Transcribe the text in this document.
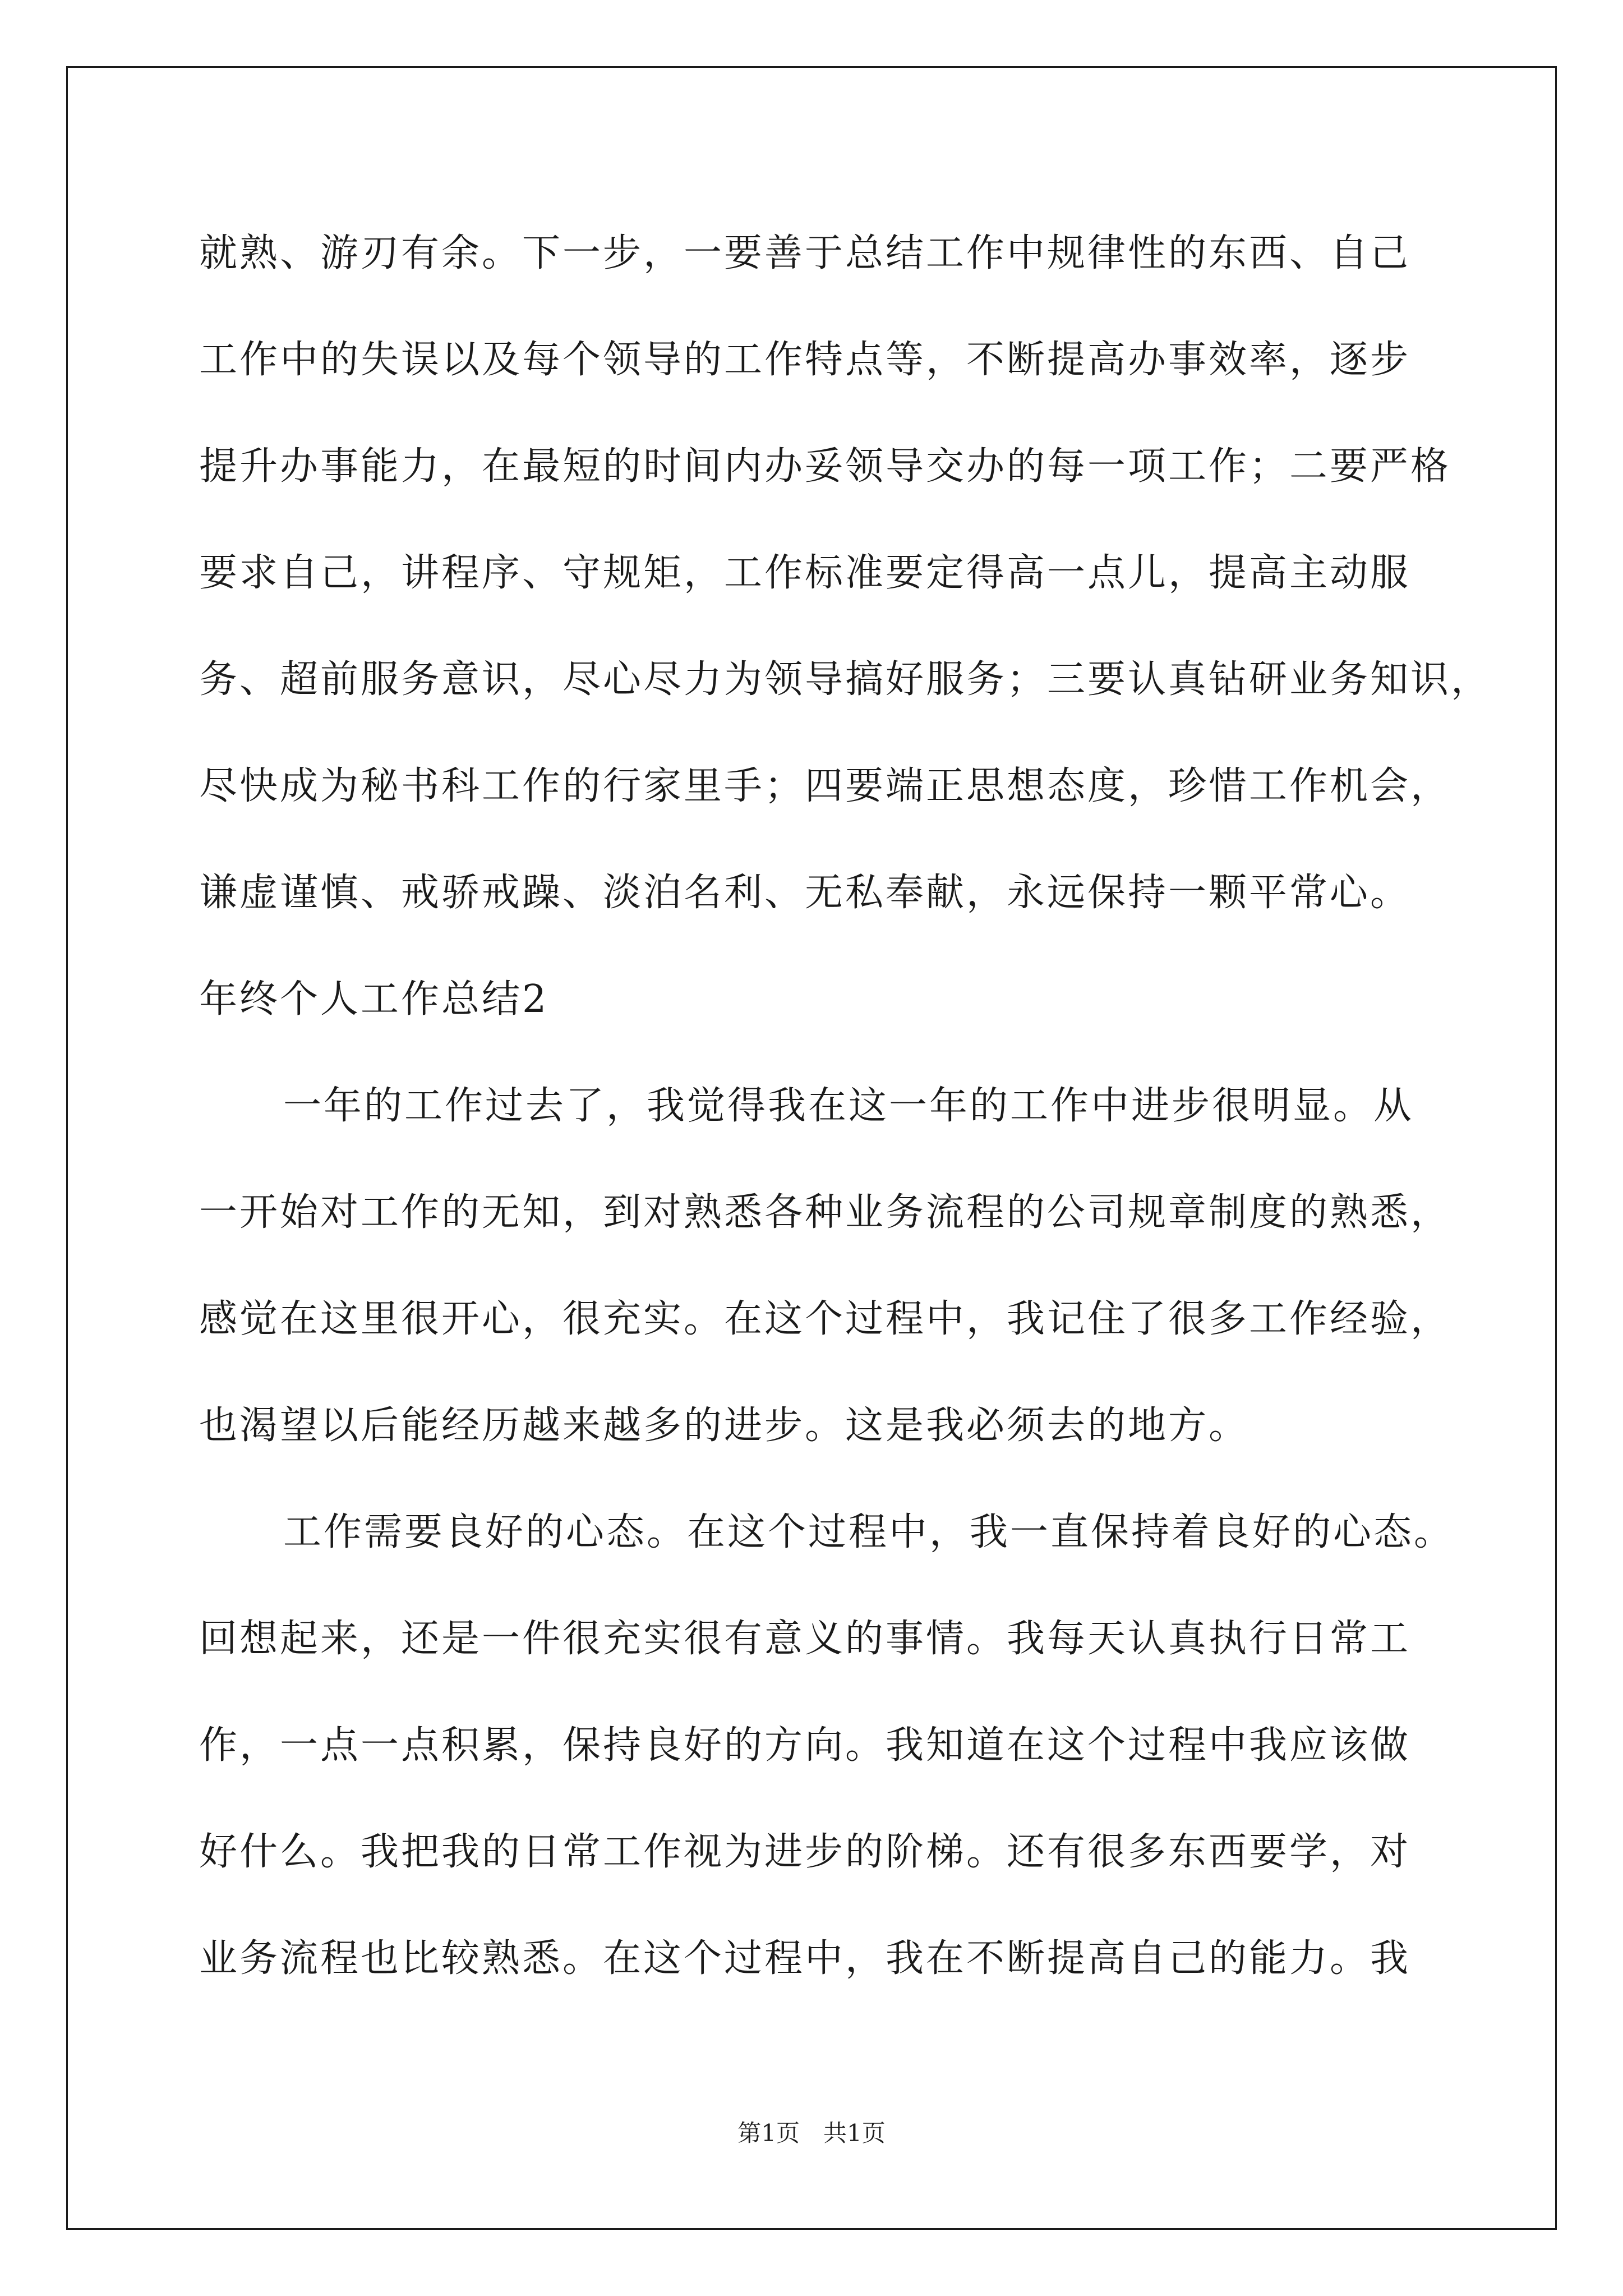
就熟、游刃有余。下一步，一要善于总结工作中规律性的东西、自己
工作中的失误以及每个领导的工作特点等，不断提高办事效率，逐步
提升办事能力，在最短的时间内办妥领导交办的每一项工作；二要严格
要求自己，讲程序、守规矩，工作标准要定得高一点儿，提高主动服
务、超前服务意识，尽心尽力为领导搞好服务；三要认真钻研业务知识，
尽快成为秘书科工作的行家里手；四要端正思想态度，珍惜工作机会，
谦虚谨慎、戒骄戒躁、淡泊名利、无私奉献，永远保持一颗平常心。
年终个人工作总结2
一年的工作过去了，我觉得我在这一年的工作中进步很明显。从
一开始对工作的无知，到对熟悉各种业务流程的公司规章制度的熟悉，
感觉在这里很开心，很充实。在这个过程中，我记住了很多工作经验，
也渴望以后能经历越来越多的进步。这是我必须去的地方。
工作需要良好的心态。在这个过程中，我一直保持着良好的心态。
回想起来，还是一件很充实很有意义的事情。我每天认真执行日常工
作，一点一点积累，保持良好的方向。我知道在这个过程中我应该做
好什么。我把我的日常工作视为进步的阶梯。还有很多东西要学，对
业务流程也比较熟悉。在这个过程中，我在不断提高自己的能力。我
第1页　共1页
